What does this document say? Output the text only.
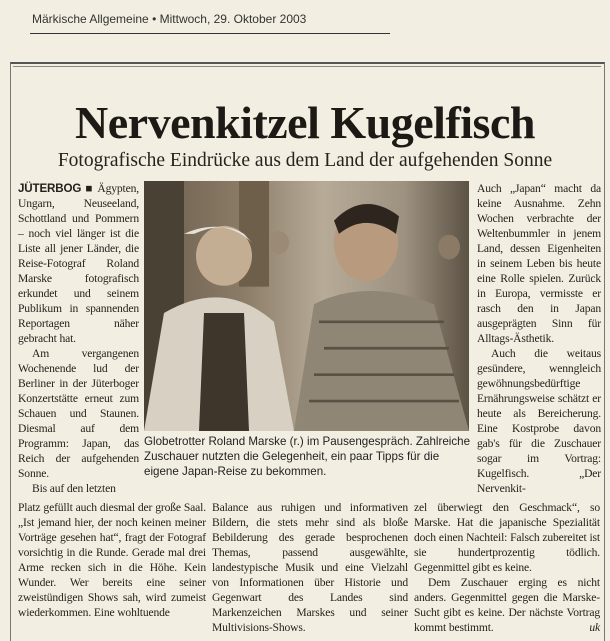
Märkische Allgemeine • Mittwoch, 29. Oktober 2003
Nervenkitzel Kugelfisch
Fotografische Eindrücke aus dem Land der aufgehenden Sonne

JÜTERBOG ■ Ägypten, Ungarn, Neuseeland, Schottland und Pommern – noch viel länger ist die Liste all jener Länder, die Reise-Fotograf Roland Marske fotografisch erkundet und seinem Publikum in spannenden Reportagen näher gebracht hat.

Am vergangenen Wochenende lud der Berliner in der Jüterboger Konzertstätte erneut zum Schauen und Staunen. Diesmal auf dem Programm: Japan, das Reich der aufgehenden Sonne.

Bis auf den letzten

Globetrotter Roland Marske (r.) im Pausengespräch. Zahlreiche Zuschauer nutzten die Gelegenheit, ein paar Tipps für die eigene Japan-Reise zu bekommen.

Auch „Japan“ macht da keine Ausnahme. Zehn Wochen verbrachte der Weltenbummler in jenem Land, dessen Eigenheiten in seinem Leben bis heute eine Rolle spielen. Zurück in Europa, vermisste er rasch den in Japan ausgeprägten Sinn für Alltags-Ästhetik.

Auch die weitaus gesündere, wenngleich gewöhnungsbedürftige Ernährungsweise schätzt er heute als Bereicherung. Eine Kostprobe davon gab's für die Zuschauer sogar im Vortrag: Kugelfisch. „Der Nervenkit-

Platz gefüllt auch diesmal der große Saal. „Ist jemand hier, der noch keinen meiner Vorträge gesehen hat“, fragt der Fotograf vorsichtig in die Runde. Gerade mal drei Arme recken sich in die Höhe. Kein Wunder. Wer bereits eine seiner zweistündigen Shows sah, wird zumeist wiederkommen. Eine wohltuende

Balance aus ruhigen und informativen Bildern, die stets mehr sind als bloße Bebilderung des gerade besprochenen Themas, passend ausgewählte, landestypische Musik und eine Vielzahl von Informationen über Historie und Gegenwart des Landes sind Markenzeichen Marskes und seiner Multivisions-Shows.

zel überwiegt den Geschmack“, so Marske. Hat die japanische Spezialität doch einen Nachteil: Falsch zubereitet ist sie hundertprozentig tödlich. Gegenmittel gibt es keine.

Dem Zuschauer erging es nicht anders. Gegenmittel gegen die Marske-Sucht gibt es keine. Der nächste Vortrag kommt bestimmt.	uk
